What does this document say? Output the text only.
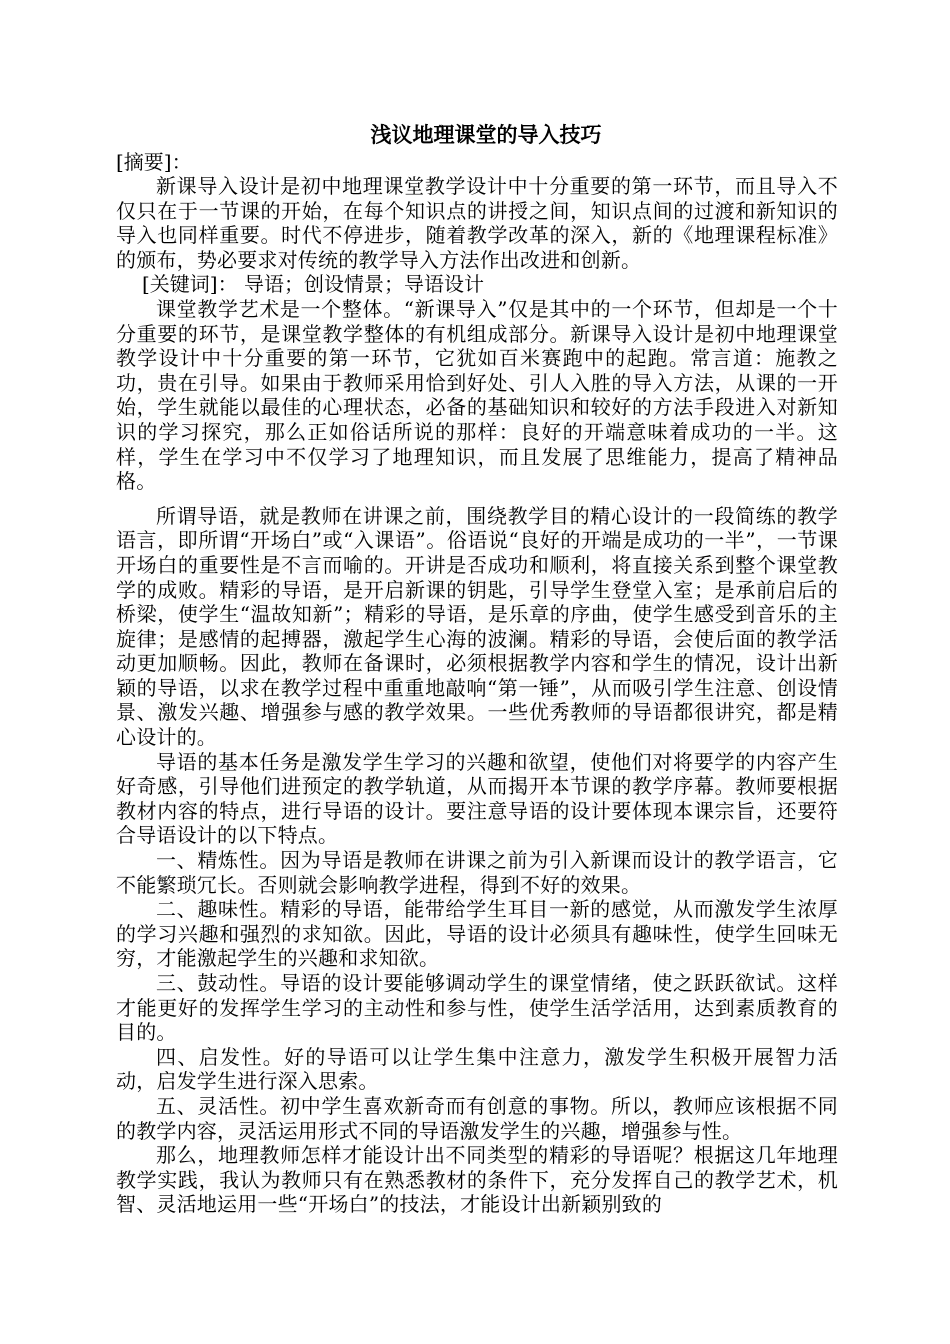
浅议地理课堂的导入技巧

[摘要]：

新课导入设计是初中地理课堂教学设计中十分重要的第一环节，而且导入不仅只在于一节课的开始，在每个知识点的讲授之间，知识点间的过渡和新知识的导入也同样重要。时代不停进步，随着教学改革的深入，新的《地理课程标准》的颁布，势必要求对传统的教学导入方法作出改进和创新。

[关键词]： 导语；创设情景；导语设计

课堂教学艺术是一个整体。“新课导入”仅是其中的一个环节，但却是一个十分重要的环节，是课堂教学整体的有机组成部分。新课导入设计是初中地理课堂教学设计中十分重要的第一环节，它犹如百米赛跑中的起跑。常言道：施教之功，贵在引导。如果由于教师采用恰到好处、引人入胜的导入方法，从课的一开始，学生就能以最佳的心理状态，必备的基础知识和较好的方法手段进入对新知识的学习探究，那么正如俗话所说的那样：良好的开端意味着成功的一半。这样，学生在学习中不仅学习了地理知识，而且发展了思维能力，提高了精神品格。

所谓导语，就是教师在讲课之前，围绕教学目的精心设计的一段简练的教学语言，即所谓“开场白”或“入课语”。俗语说“良好的开端是成功的一半”，一节课开场白的重要性是不言而喻的。开讲是否成功和顺利，将直接关系到整个课堂教学的成败。精彩的导语，是开启新课的钥匙，引导学生登堂入室；是承前启后的桥梁，使学生“温故知新”；精彩的导语，是乐章的序曲，使学生感受到音乐的主旋律；是感情的起搏器，激起学生心海的波澜。精彩的导语，会使后面的教学活动更加顺畅。因此，教师在备课时，必须根据教学内容和学生的情况，设计出新颖的导语，以求在教学过程中重重地敲响“第一锤”，从而吸引学生注意、创设情景、激发兴趣、增强参与感的教学效果。一些优秀教师的导语都很讲究，都是精心设计的。

导语的基本任务是激发学生学习的兴趣和欲望，使他们对将要学的内容产生好奇感，引导他们进预定的教学轨道，从而揭开本节课的教学序幕。教师要根据教材内容的特点，进行导语的设计。要注意导语的设计要体现本课宗旨，还要符合导语设计的以下特点。

一、精炼性。因为导语是教师在讲课之前为引入新课而设计的教学语言，它不能繁琐冗长。否则就会影响教学进程，得到不好的效果。

二、趣味性。精彩的导语，能带给学生耳目一新的感觉，从而激发学生浓厚的学习兴趣和强烈的求知欲。因此，导语的设计必须具有趣味性，使学生回味无穷，才能激起学生的兴趣和求知欲。

三、鼓动性。导语的设计要能够调动学生的课堂情绪，使之跃跃欲试。这样才能更好的发挥学生学习的主动性和参与性，使学生活学活用，达到素质教育的目的。

四、启发性。好的导语可以让学生集中注意力，激发学生积极开展智力活动，启发学生进行深入思索。

五、灵活性。初中学生喜欢新奇而有创意的事物。所以，教师应该根据不同的教学内容，灵活运用形式不同的导语激发学生的兴趣，增强参与性。

那么，地理教师怎样才能设计出不同类型的精彩的导语呢？根据这几年地理教学实践，我认为教师只有在熟悉教材的条件下，充分发挥自己的教学艺术，机智、灵活地运用一些“开场白”的技法，才能设计出新颖别致的
